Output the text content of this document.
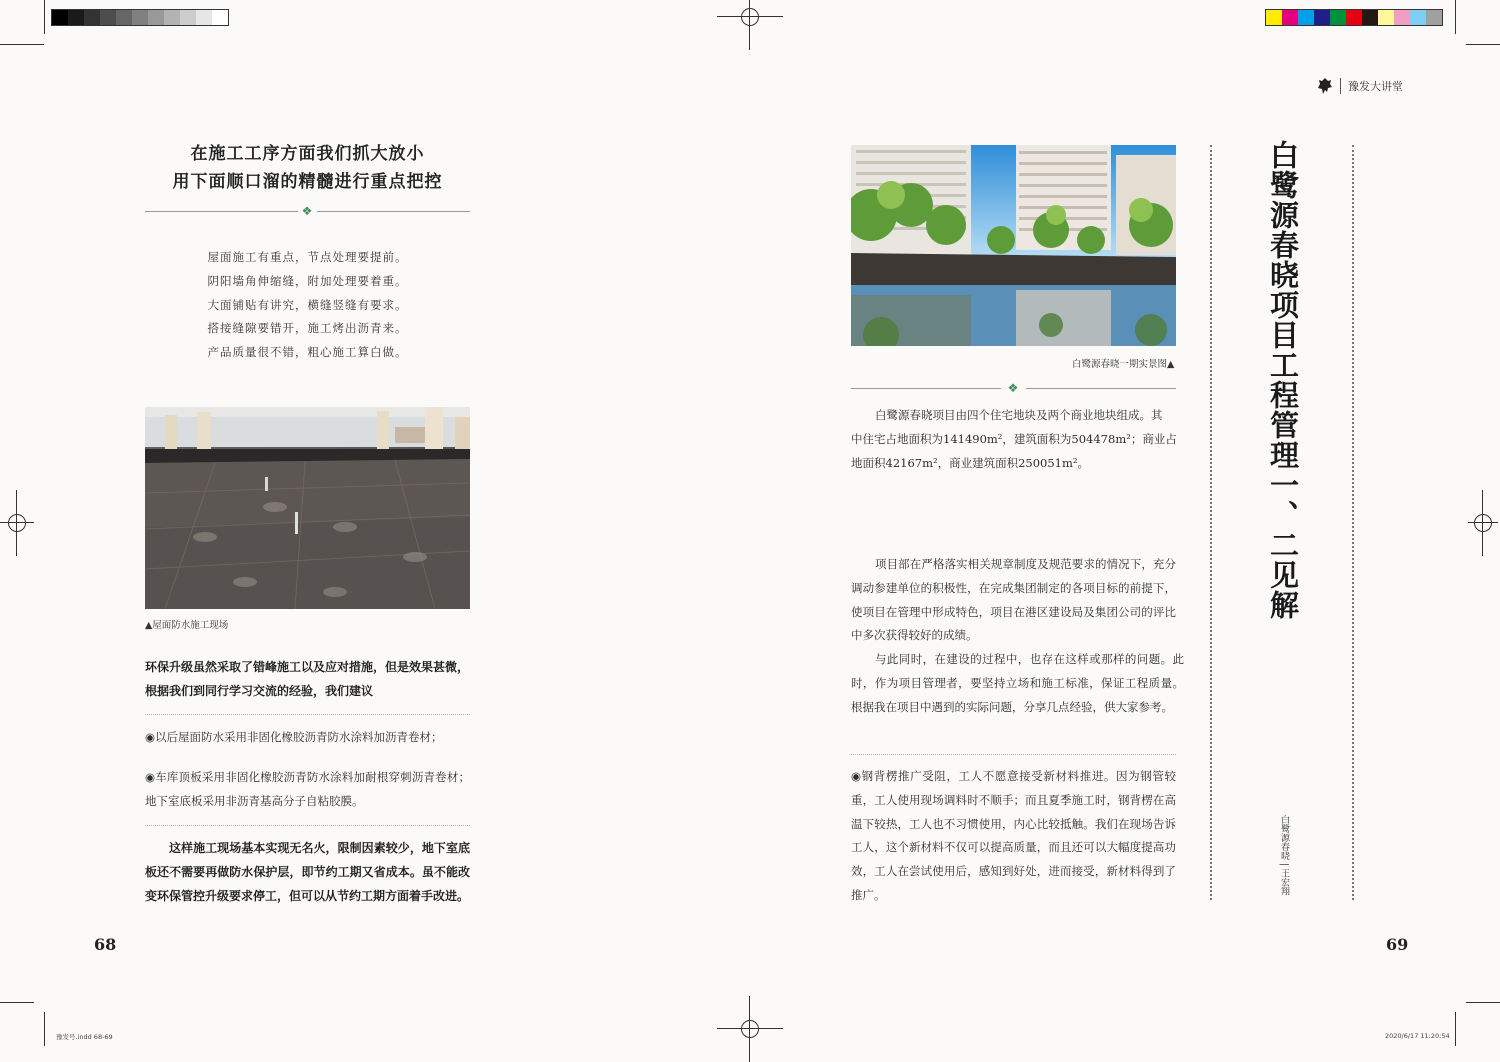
在施工工序方面我们抓大放小
用下面顺口溜的精髓进行重点把控
❖
屋面施工有重点，节点处理要提前。
阴阳墙角伸缩缝，附加处理要着重。
大面铺贴有讲究，横缝竖缝有要求。
搭接缝隙要错开，施工烤出沥青来。
产品质量很不错，粗心施工算白做。
▲屋面防水施工现场
环保升级虽然采取了错峰施工以及应对措施，但是效果甚微，根据我们到同行学习交流的经验，我们建议
◉以后屋面防水采用非固化橡胶沥青防水涂料加沥青卷材；
◉车库顶板采用非固化橡胶沥青防水涂料加耐根穿刺沥青卷材；地下室底板采用非沥青基高分子自粘胶膜。
这样施工现场基本实现无名火，限制因素较少，地下室底板还不需要再做防水保护层，即节约工期又省成本。虽不能改变环保管控升级要求停工，但可以从节约工期方面着手改进。
68
豫发大讲堂
白鹭源春晓一期实景图▲
❖
白鹭源春晓项目由四个住宅地块及两个商业地块组成。其
中住宅占地面积为141490m²，建筑面积为504478m²；商业占
地面积42167m²，商业建筑面积250051m²。
项目部在严格落实相关规章制度及规范要求的情况下，充分调动参建单位的积极性，在完成集团制定的各项目标的前提下，使项目在管理中形成特色，项目在港区建设局及集团公司的评比中多次获得较好的成绩。
与此同时，在建设的过程中，也存在这样或那样的问题。此时，作为项目管理者，要坚持立场和施工标准，保证工程质量。根据我在项目中遇到的实际问题，分享几点经验，供大家参考。
◉钢背楞推广受阻，工人不愿意接受新材料推进。因为钢管较重，工人使用现场调料时不顺手；而且夏季施工时，钢背楞在高温下较热，工人也不习惯使用，内心比较抵触。我们在现场告诉工人，这个新材料不仅可以提高质量，而且还可以大幅度提高功效，工人在尝试使用后，感知到好处，进而接受，新材料得到了推广。
白鹭源春晓项目工程管理一、二见解
白鹭源春晓 | 王宏翔
69
豫发号.indd 68-69	2020/6/17 11:20:54
